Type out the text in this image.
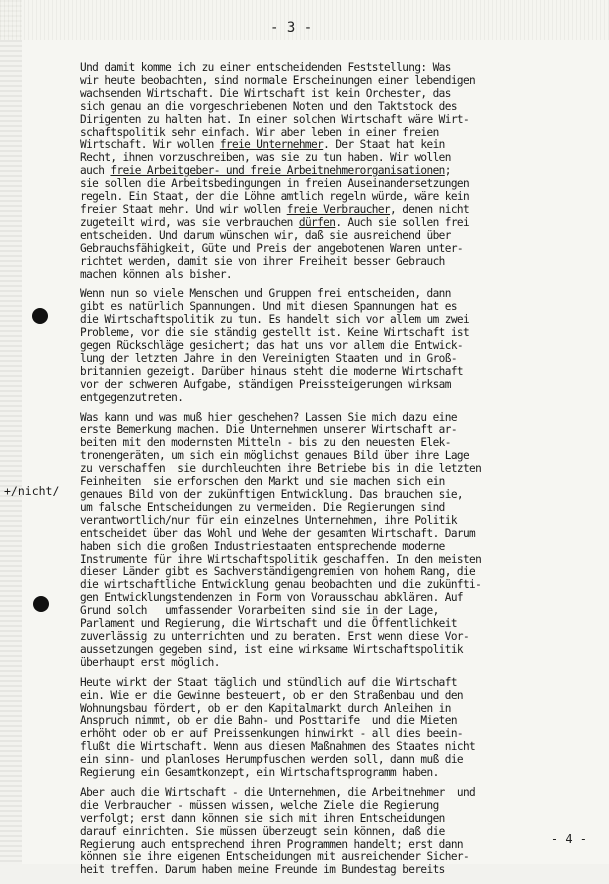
- 3 -
+/nicht/
Und damit komme ich zu einer entscheidenden Feststellung: Was
wir heute beobachten, sind normale Erscheinungen einer lebendigen
wachsenden Wirtschaft. Die Wirtschaft ist kein Orchester, das
sich genau an die vorgeschriebenen Noten und den Taktstock des
Dirigenten zu halten hat. In einer solchen Wirtschaft wäre Wirt-
schaftspolitik sehr einfach. Wir aber leben in einer freien
Wirtschaft. Wir wollen freie Unternehmer. Der Staat hat kein
Recht, ihnen vorzuschreiben, was sie zu tun haben. Wir wollen
auch freie Arbeitgeber- und freie Arbeitnehmerorganisationen;
sie sollen die Arbeitsbedingungen in freien Auseinandersetzungen
regeln. Ein Staat, der die Löhne amtlich regeln würde, wäre kein
freier Staat mehr. Und wir wollen freie Verbraucher, denen nicht
zugeteilt wird, was sie verbrauchen dürfen. Auch sie sollen frei
entscheiden. Und darum wünschen wir, daß sie ausreichend über
Gebrauchsfähigkeit, Güte und Preis der angebotenen Waren unter-
richtet werden, damit sie von ihrer Freiheit besser Gebrauch
machen können als bisher.
Wenn nun so viele Menschen und Gruppen frei entscheiden, dann
gibt es natürlich Spannungen. Und mit diesen Spannungen hat es
die Wirtschaftspolitik zu tun. Es handelt sich vor allem um zwei
Probleme, vor die sie ständig gestellt ist. Keine Wirtschaft ist
gegen Rückschläge gesichert; das hat uns vor allem die Entwick-
lung der letzten Jahre in den Vereinigten Staaten und in Groß-
britannien gezeigt. Darüber hinaus steht die moderne Wirtschaft
vor der schweren Aufgabe, ständigen Preissteigerungen wirksam
entgegenzutreten.
Was kann und was muß hier geschehen? Lassen Sie mich dazu eine
erste Bemerkung machen. Die Unternehmen unserer Wirtschaft ar-
beiten mit den modernsten Mitteln - bis zu den neuesten Elek-
tronengeräten, um sich ein möglichst genaues Bild über ihre Lage
zu verschaffen  sie durchleuchten ihre Betriebe bis in die letzten
Feinheiten  sie erforschen den Markt und sie machen sich ein
genaues Bild von der zukünftigen Entwicklung. Das brauchen sie,
um falsche Entscheidungen zu vermeiden. Die Regierungen sind
verantwortlich/nur für ein einzelnes Unternehmen, ihre Politik
entscheidet über das Wohl und Wehe der gesamten Wirtschaft. Darum
haben sich die großen Industriestaaten entsprechende moderne
Instrumente für ihre Wirtschaftspolitik geschaffen. In den meisten
dieser Länder gibt es Sachverständigengremien von hohem Rang, die
die wirtschaftliche Entwicklung genau beobachten und die zukünfti-
gen Entwicklungstendenzen in Form von Vorausschau abklären. Auf
Grund solch   umfassender Vorarbeiten sind sie in der Lage,
Parlament und Regierung, die Wirtschaft und die Öffentlichkeit
zuverlässig zu unterrichten und zu beraten. Erst wenn diese Vor-
aussetzungen gegeben sind, ist eine wirksame Wirtschaftspolitik
überhaupt erst möglich.
Heute wirkt der Staat täglich und stündlich auf die Wirtschaft
ein. Wie er die Gewinne besteuert, ob er den Straßenbau und den
Wohnungsbau fördert, ob er den Kapitalmarkt durch Anleihen in
Anspruch nimmt, ob er die Bahn- und Posttarife  und die Mieten
erhöht oder ob er auf Preissenkungen hinwirkt - all dies beein-
flußt die Wirtschaft. Wenn aus diesen Maßnahmen des Staates nicht
ein sinn- und planloses Herumpfuschen werden soll, dann muß die
Regierung ein Gesamtkonzept, ein Wirtschaftsprogramm haben.
Aber auch die Wirtschaft - die Unternehmen, die Arbeitnehmer  und
die Verbraucher - müssen wissen, welche Ziele die Regierung
verfolgt; erst dann können sie sich mit ihren Entscheidungen
darauf einrichten. Sie müssen überzeugt sein können, daß die
Regierung auch entsprechend ihren Programmen handelt; erst dann
können sie ihre eigenen Entscheidungen mit ausreichender Sicher-
heit treffen. Darum haben meine Freunde im Bundestag bereits
- 4 -
